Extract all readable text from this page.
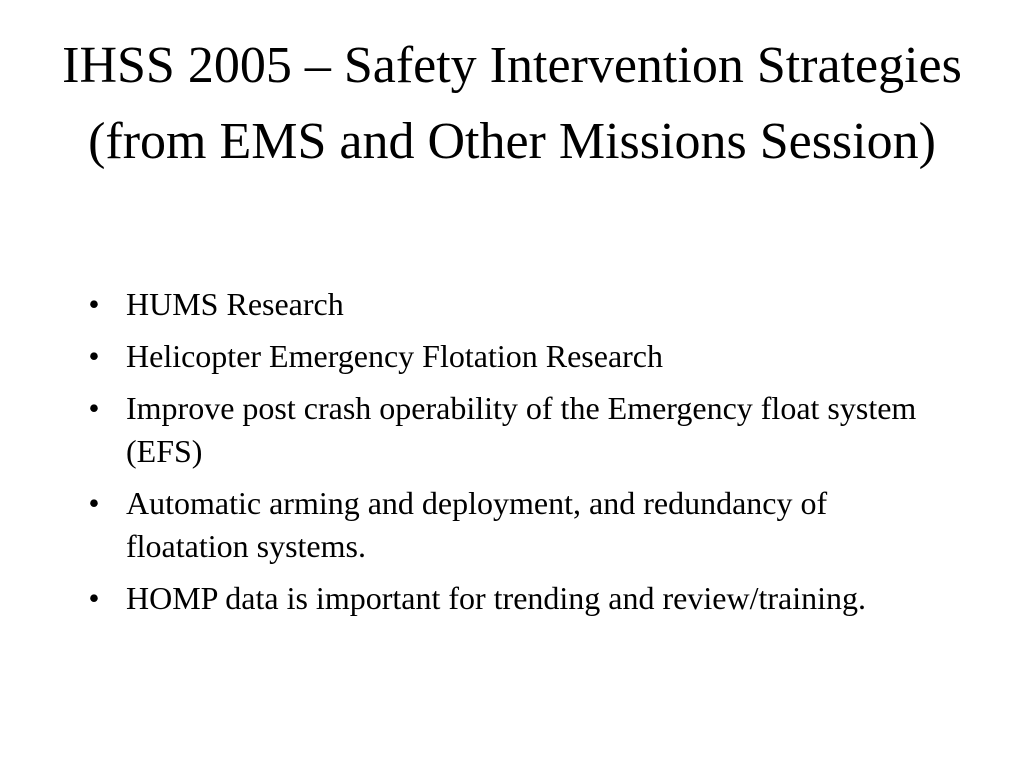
IHSS 2005 – Safety Intervention Strategies (from EMS and Other Missions Session)
• HUMS Research
• Helicopter Emergency Flotation Research
• Improve post crash operability of the Emergency float system (EFS)
• Automatic arming and deployment, and redundancy of floatation systems.
• HOMP data is important for trending and review/training.
